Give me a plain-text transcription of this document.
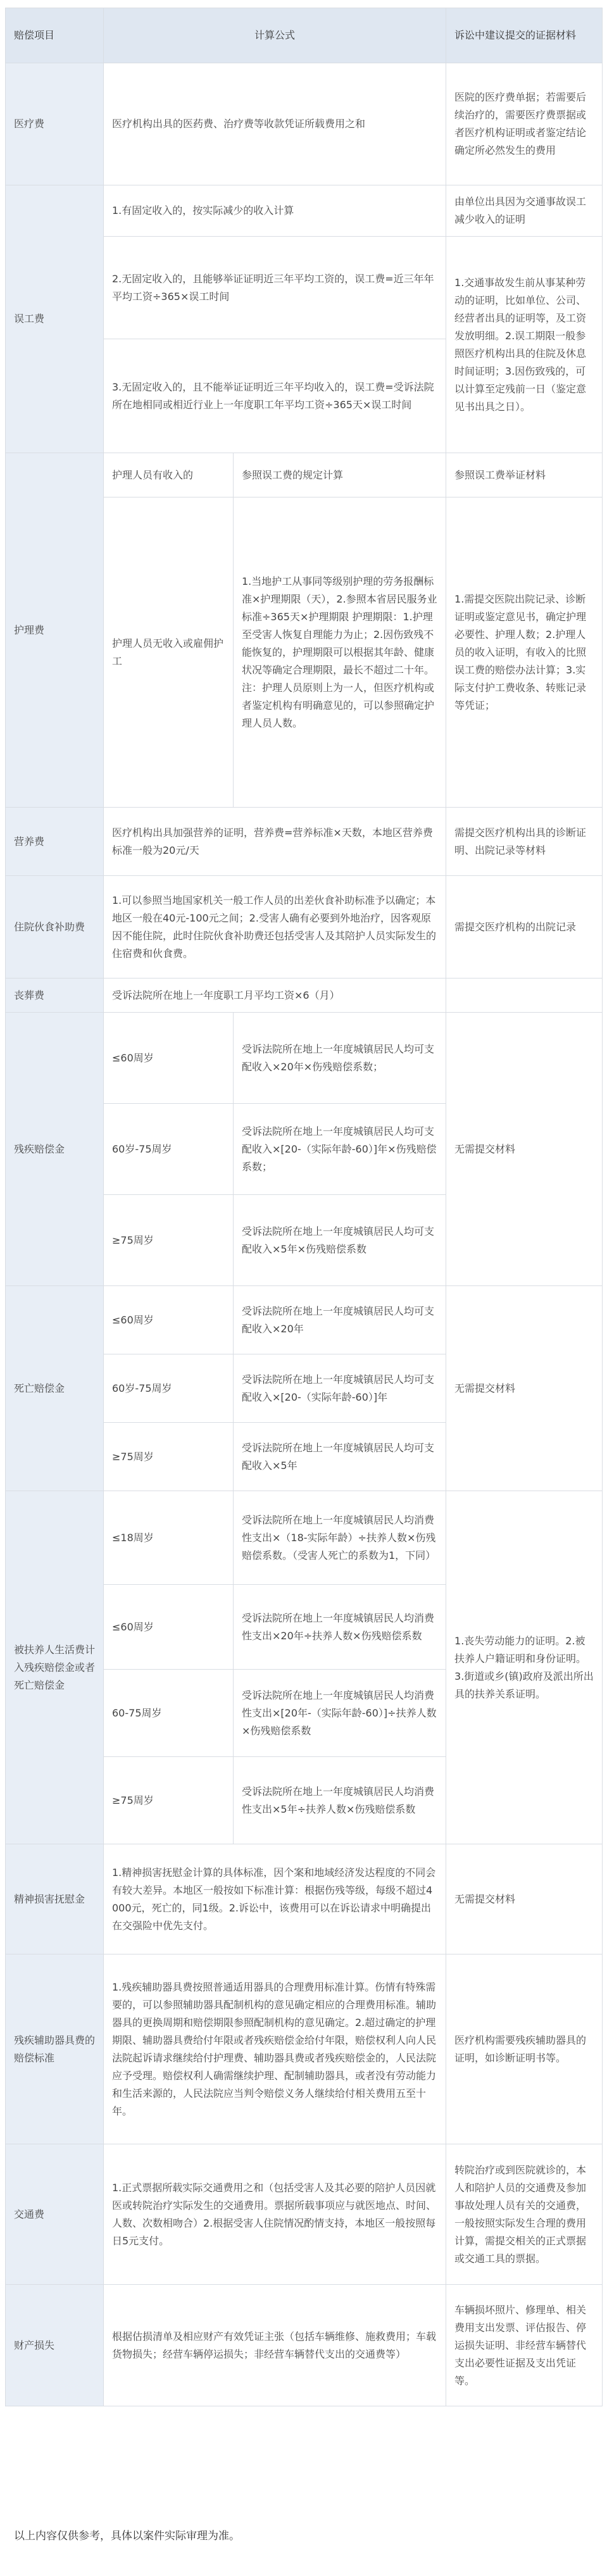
赔偿项目	计算公式		诉讼中建议提交的证据材料
医疗费	医疗机构出具的医药费、治疗费等收款凭证所载费用之和		医院的医疗费单据；若需要后续治疗的，需要医疗费票据或者医疗机构证明或者鉴定结论确定所必然发生的费用
误工费	1.有固定收入的，按实际减少的收入计算		由单位出具因为交通事故误工减少收入的证明
	2.无固定收入的，且能够举证证明近三年平均工资的，误工费=近三年年平均工资÷365×误工时间		1.交通事故发生前从事某种劳动的证明，比如单位、公司、经营者出具的证明等，及工资发放明细。2.误工期限一般参照医疗机构出具的住院及休息时间证明；3.因伤致残的，可以计算至定残前一日（鉴定意见书出具之日）。
	3.无固定收入的，且不能举证证明近三年平均收入的，误工费=受诉法院所在地相同或相近行业上一年度职工年平均工资÷365天×误工时间		
护理费	护理人员有收入的	参照误工费的规定计算	参照误工费举证材料
	护理人员无收入或雇佣护工	1.当地护工从事同等级别护理的劳务报酬标准×护理期限（天），2.参照本省居民服务业标准÷365天×护理期限 护理期限：1.护理至受害人恢复自理能力为止；2.因伤致残不能恢复的，护理期限可以根据其年龄、健康状况等确定合理期限，最长不超过二十年。注：护理人员原则上为一人，但医疗机构或者鉴定机构有明确意见的，可以参照确定护理人员人数。	1.需提交医院出院记录、诊断证明或鉴定意见书，确定护理必要性、护理人数；2.护理人员的收入证明，有收入的比照误工费的赔偿办法计算；3.实际支付护工费收条、转账记录等凭证；
营养费	医疗机构出具加强营养的证明，营养费=营养标准×天数，本地区营养费标准一般为20元/天		需提交医疗机构出具的诊断证明、出院记录等材料
住院伙食补助费	1.可以参照当地国家机关一般工作人员的出差伙食补助标准予以确定；本地区一般在40元-100元之间；2.受害人确有必要到外地治疗，因客观原因不能住院，此时住院伙食补助费还包括受害人及其陪护人员实际发生的住宿费和伙食费。		需提交医疗机构的出院记录
丧葬费	受诉法院所在地上一年度职工月平均工资×6（月）		
残疾赔偿金	≤60周岁	受诉法院所在地上一年度城镇居民人均可支配收入×20年×伤残赔偿系数；	无需提交材料
	60岁-75周岁	受诉法院所在地上一年度城镇居民人均可支配收入×[20-（实际年龄-60）]年×伤残赔偿系数；	
	≥75周岁	受诉法院所在地上一年度城镇居民人均可支配收入×5年×伤残赔偿系数	
死亡赔偿金	≤60周岁	受诉法院所在地上一年度城镇居民人均可支配收入×20年	无需提交材料
	60岁-75周岁	受诉法院所在地上一年度城镇居民人均可支配收入×[20-（实际年龄-60）]年	
	≥75周岁	受诉法院所在地上一年度城镇居民人均可支配收入×5年	
被扶养人生活费计入残疾赔偿金或者死亡赔偿金	≤18周岁	受诉法院所在地上一年度城镇居民人均消费性支出×（18-实际年龄）÷扶养人数×伤残赔偿系数。（受害人死亡的系数为1，下同）	1.丧失劳动能力的证明。2.被扶养人户籍证明和身份证明。3.街道或乡(镇)政府及派出所出具的扶养关系证明。
	≤60周岁	受诉法院所在地上一年度城镇居民人均消费性支出×20年÷扶养人数×伤残赔偿系数	
	60-75周岁	受诉法院所在地上一年度城镇居民人均消费性支出×[20年-（实际年龄-60）]÷扶养人数×伤残赔偿系数	
	≥75周岁	受诉法院所在地上一年度城镇居民人均消费性支出×5年÷扶养人数×伤残赔偿系数	
精神损害抚慰金	1.精神损害抚慰金计算的具体标准，因个案和地域经济发达程度的不同会有较大差异。本地区一般按如下标准计算：根据伤残等级，每级不超过4000元，死亡的，同1级。2.诉讼中，该费用可以在诉讼请求中明确提出在交强险中优先支付。		无需提交材料
残疾辅助器具费的赔偿标准	1.残疾辅助器具费按照普通适用器具的合理费用标准计算。伤情有特殊需要的，可以参照辅助器具配制机构的意见确定相应的合理费用标准。辅助器具的更换周期和赔偿期限参照配制机构的意见确定。2.超过确定的护理期限、辅助器具费给付年限或者残疾赔偿金给付年限，赔偿权利人向人民法院起诉请求继续给付护理费、辅助器具费或者残疾赔偿金的，人民法院应予受理。赔偿权利人确需继续护理、配制辅助器具，或者没有劳动能力和生活来源的，人民法院应当判令赔偿义务人继续给付相关费用五至十年。		医疗机构需要残疾辅助器具的证明，如诊断证明书等。
交通费	1.正式票据所载实际交通费用之和（包括受害人及其必要的陪护人员因就医或转院治疗实际发生的交通费用。票据所载事项应与就医地点、时间、人数、次数相吻合）2.根据受害人住院情况酌情支持，本地区一般按照每日5元支付。		转院治疗或到医院就诊的，本人和陪护人员的交通费及参加事故处理人员有关的交通费，一般按照实际发生合理的费用计算，需提交相关的正式票据或交通工具的票据。
财产损失	根据估损清单及相应财产有效凭证主张（包括车辆维修、施救费用；车载货物损失；经营车辆停运损失；非经营车辆替代支出的交通费等）		车辆损坏照片、修理单、相关费用支出发票、评估报告、停运损失证明、非经营车辆替代支出必要性证据及支出凭证等。
以上内容仅供参考，具体以案件实际审理为准。
